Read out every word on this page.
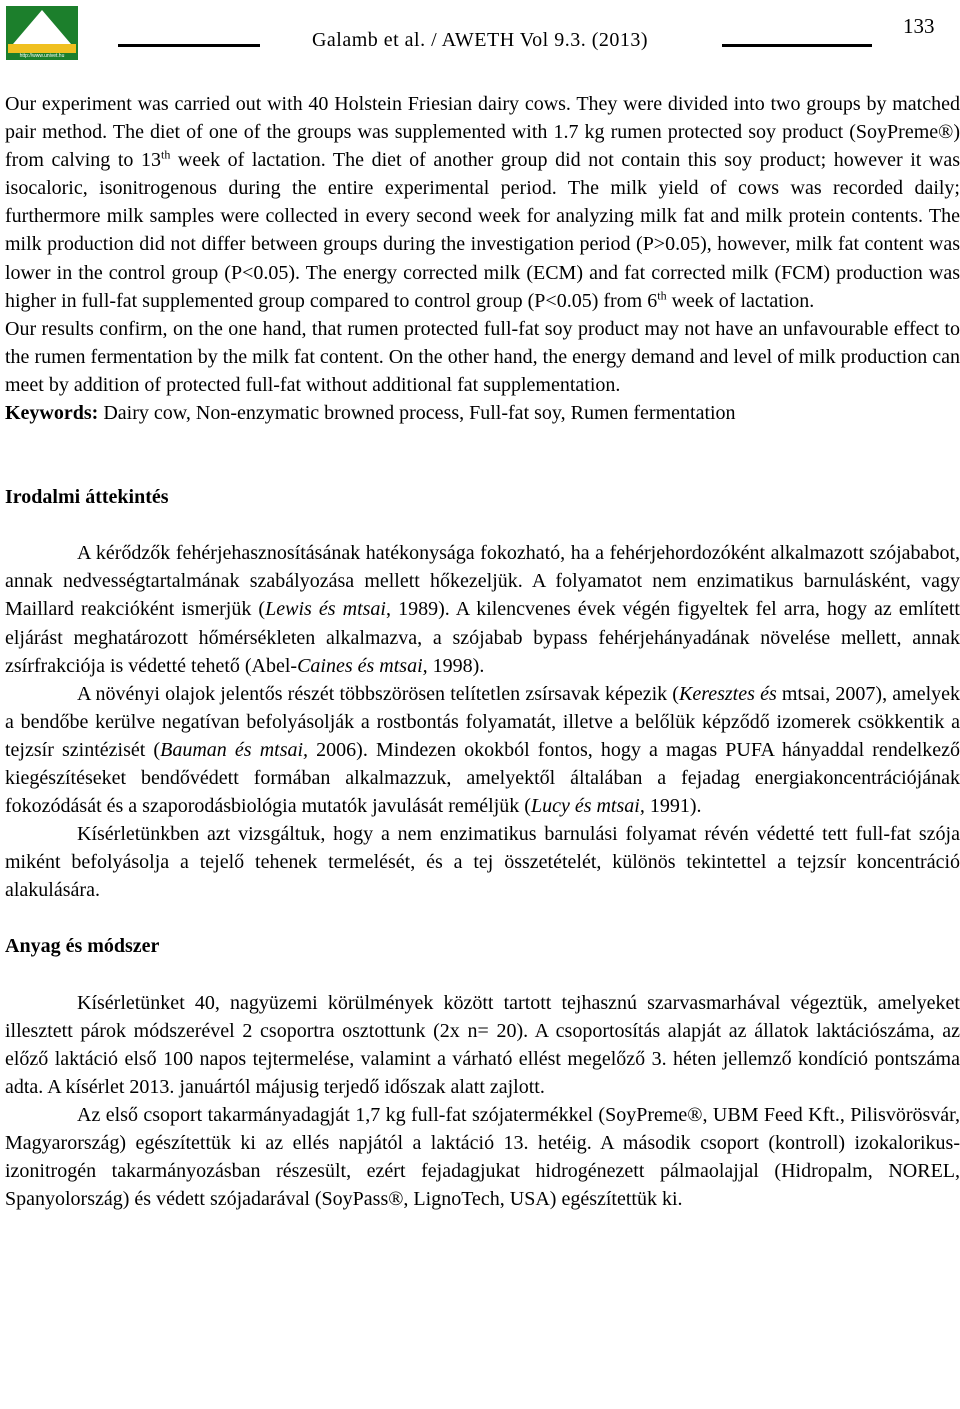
http://www.univet.hu
Galamb et al. / AWETH Vol 9.3. (2013)
133

Our experiment was carried out with 40 Holstein Friesian dairy cows. They were divided into two groups by matched pair method. The diet of one of the groups was supplemented with 1.7 kg rumen protected soy product (SoyPreme®) from calving to 13th week of lactation. The diet of another group did not contain this soy product; however it was isocaloric, isonitrogenous during the entire experimental period. The milk yield of cows was recorded daily; furthermore milk samples were collected in every second week for analyzing milk fat and milk protein contents. The milk production did not differ between groups during the investigation period (P>0.05), however, milk fat content was lower in the control group (P<0.05). The energy corrected milk (ECM) and fat corrected milk (FCM) production was higher in full-fat supplemented group compared to control group (P<0.05) from 6th week of lactation.

Our results confirm, on the one hand, that rumen protected full-fat soy product may not have an unfavourable effect to the rumen fermentation by the milk fat content. On the other hand, the energy demand and level of milk production can meet by addition of protected full-fat without additional fat supplementation.

Keywords: Dairy cow, Non-enzymatic browned process, Full-fat soy, Rumen fermentation

Irodalmi áttekintés

A kérődzők fehérjehasznosításának hatékonysága fokozható, ha a fehérjehordozóként alkalmazott szójababot, annak nedvességtartalmának szabályozása mellett hőkezeljük. A folyamatot nem enzimatikus barnulásként, vagy Maillard reakcióként ismerjük (Lewis és mtsai, 1989). A kilencvenes évek végén figyeltek fel arra, hogy az említett eljárást meghatározott hőmérsékleten alkalmazva, a szójabab bypass fehérjehányadának növelése mellett, annak zsírfrakciója is védetté tehető (Abel-Caines és mtsai, 1998).

A növényi olajok jelentős részét többszörösen telítetlen zsírsavak képezik (Keresztes és mtsai, 2007), amelyek a bendőbe kerülve negatívan befolyásolják a rostbontás folyamatát, illetve a belőlük képződő izomerek csökkentik a tejzsír szintézisét (Bauman és mtsai, 2006). Mindezen okokból fontos, hogy a magas PUFA hányaddal rendelkező kiegészítéseket bendővédett formában alkalmazzuk, amelyektől általában a fejadag energiakoncentrációjának fokozódását és a szaporodásbiológia mutatók javulását reméljük (Lucy és mtsai, 1991).

Kísérletünkben azt vizsgáltuk, hogy a nem enzimatikus barnulási folyamat révén védetté tett full-fat szója miként befolyásolja a tejelő tehenek termelését, és a tej összetételét, különös tekintettel a tejzsír koncentráció alakulására.

Anyag és módszer

Kísérletünket 40, nagyüzemi körülmények között tartott tejhasznú szarvasmarhával végeztük, amelyeket illesztett párok módszerével 2 csoportra osztottunk (2x n= 20). A csoportosítás alapját az állatok laktációszáma, az előző laktáció első 100 napos tejtermelése, valamint a várható ellést megelőző 3. héten jellemző kondíció pontszáma adta. A kísérlet 2013. januártól májusig terjedő időszak alatt zajlott.

Az első csoport takarmányadagját 1,7 kg full-fat szójatermékkel (SoyPreme®, UBM Feed Kft., Pilisvörösvár, Magyarország) egészítettük ki az ellés napjától a laktáció 13. hetéig. A második csoport (kontroll) izokalorikus-izonitrogén takarmányozásban részesült, ezért fejadagjukat hidrogénezett pálmaolajjal (Hidropalm, NOREL, Spanyolország) és védett szójadarával (SoyPass®, LignoTech, USA) egészítettük ki.
